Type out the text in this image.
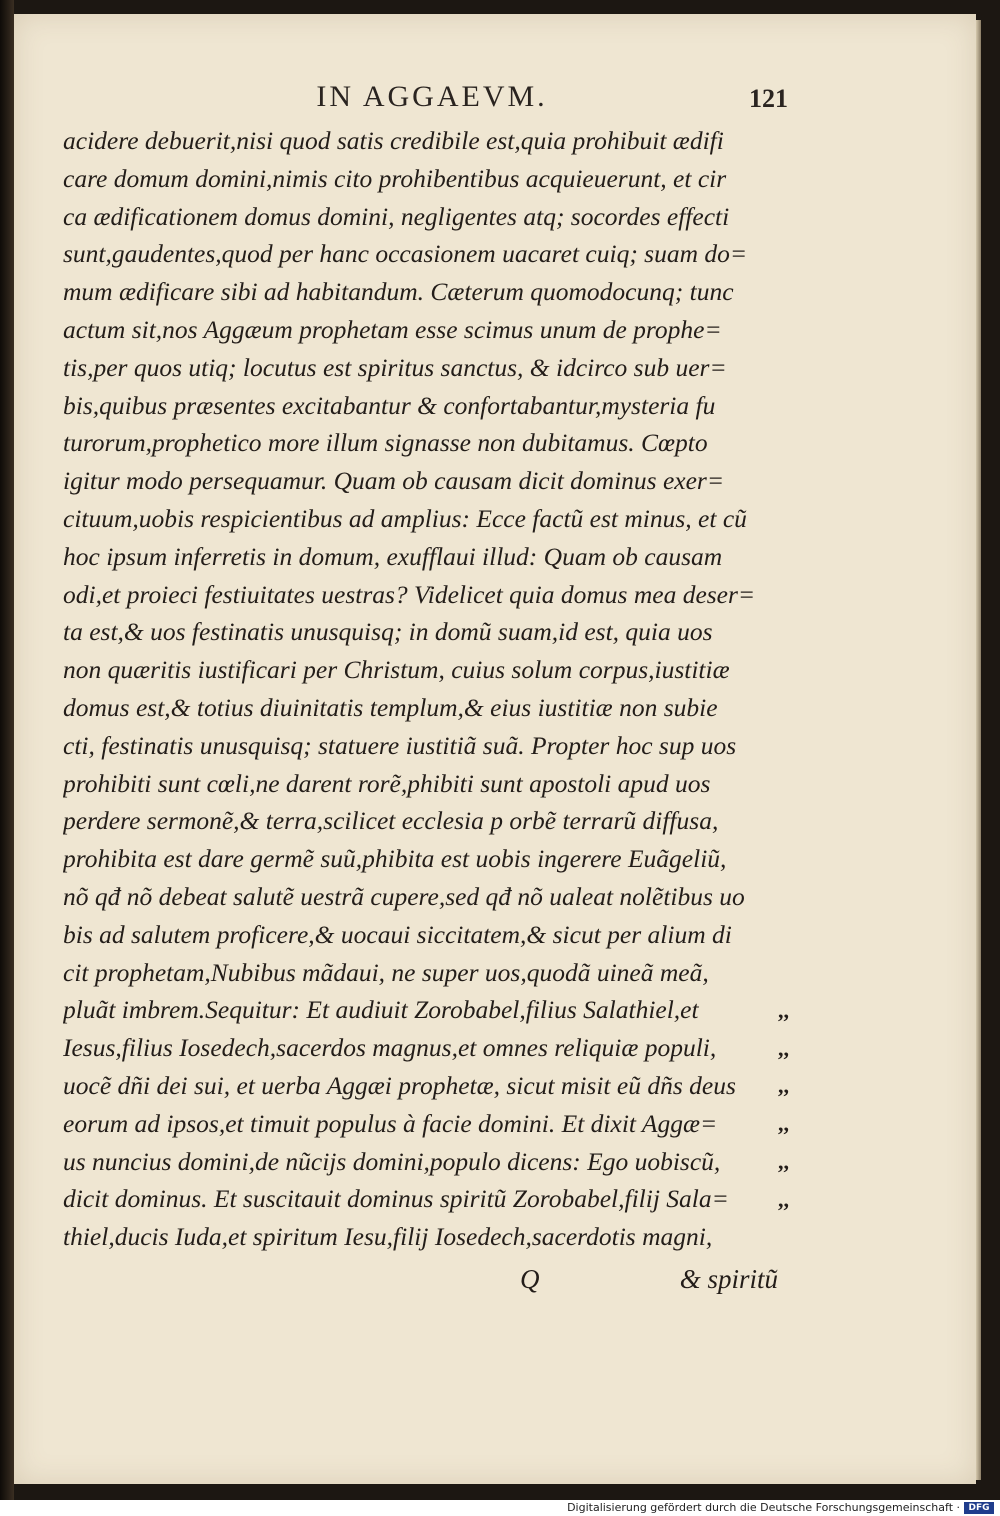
IN AGGAEVM.	121
acidere debuerit,nisi quod satis credibile est,quia prohibuit ædifi
care domum domini,nimis cito prohibentibus acquieuerunt, et cir
ca ædificationem domus domini, negligentes atq; socordes effecti
sunt,gaudentes,quod per hanc occasionem uacaret cuiq; suam do=
mum ædificare sibi ad habitandum. Cæterum quomodocunq; tunc
actum sit,nos Aggæum prophetam esse scimus unum de prophe=
tis,per quos utiq; locutus est spiritus sanctus, & idcirco sub uer=
bis,quibus præsentes excitabantur & confortabantur,mysteria fu
turorum,prophetico more illum signasse non dubitamus. Cœpto
igitur modo persequamur. Quam ob causam dicit dominus exer=
cituum,uobis respicientibus ad amplius: Ecce factũ est minus, et cũ
hoc ipsum inferretis in domum, exufflaui illud: Quam ob causam
odi,et proieci festiuitates uestras? Videlicet quia domus mea deser=
ta est,& uos festinatis unusquisq; in domũ suam,id est, quia uos
non quæritis iustificari per Christum, cuius solum corpus,iustitiæ
domus est,& totius diuinitatis templum,& eius iustitiæ non subie
cti, festinatis unusquisq; statuere iustitiã suã. Propter hoc sup uos
prohibiti sunt cœli,ne darent rorẽ,phibiti sunt apostoli apud uos
perdere sermonẽ,& terra,scilicet ecclesia p orbẽ terrarũ diffusa,
prohibita est dare germẽ suũ,phibita est uobis ingerere Euãgeliũ,
nõ qđ nõ debeat salutẽ uestrã cupere,sed qđ nõ ualeat nolẽtibus uo
bis ad salutem proficere,& uocaui siccitatem,& sicut per alium di
cit prophetam,Nubibus mãdaui, ne super uos,quodã uineã meã,
pluãt imbrem.Sequitur: Et audiuit Zorobabel,filius Salathiel,et
Iesus,filius Iosedech,sacerdos magnus,et omnes reliquiæ populi,
uocẽ dñi dei sui, et uerba Aggæi prophetæ, sicut misit eũ dñs deus
eorum ad ipsos,et timuit populus à facie domini. Et dixit Aggæ=
us nuncius domini,de nũcijs domini,populo dicens: Ego uobiscũ,
dicit dominus. Et suscitauit dominus spiritũ Zorobabel,filij Sala=
thiel,ducis Iuda,et spiritum Iesu,filij Iosedech,sacerdotis magni,
,,
,,
,,
,,
,,
,,
Q	& spiritũ
Digitalisierung gefördert durch die Deutsche Forschungsgemeinschaft · DFG
